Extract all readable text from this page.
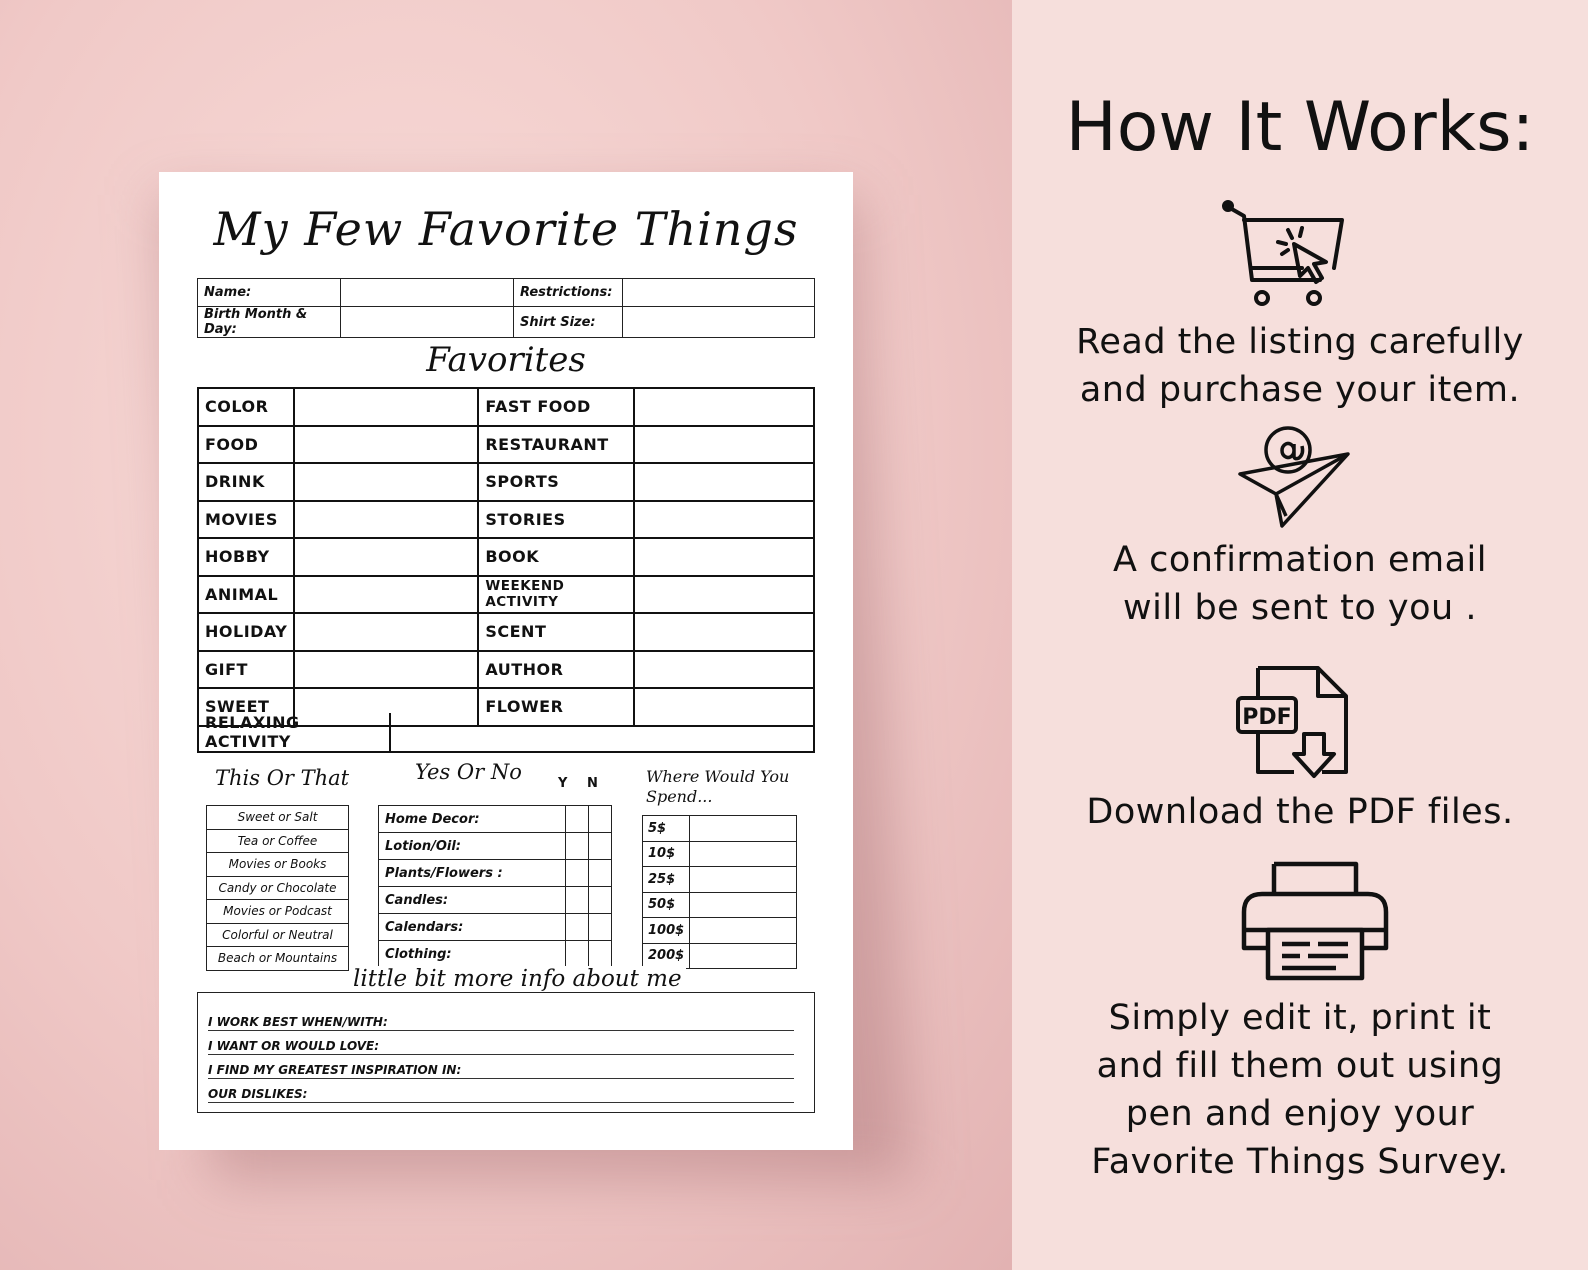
My Few Favorite Things
Name:		Restrictions:	
Birth Month & Day:		Shirt Size:	
Favorites
COLOR		FAST FOOD	
FOOD		RESTAURANT	
DRINK		SPORTS	
MOVIES		STORIES	
HOBBY		BOOK	
ANIMAL		WEEKEND ACTIVITY	
HOLIDAY		SCENT	
GIFT		AUTHOR	
SWEET		FLOWER	
RELAXING ACTIVITY	
This Or That
Sweet or Salt
Tea or Coffee
Movies or Books
Candy or Chocolate
Movies or Podcast
Colorful or Neutral
Beach or Mountains
Yes Or No	Y N
Home Decor:		
Lotion/Oil:		
Plants/Flowers :		
Candles:		
Calendars:		
Clothing:		
Where Would You
Spend...
5$	
10$	
25$	
50$	
100$	
200$	
I WORK BEST WHEN/WITH:
I WANT OR WOULD LOVE:
I FIND MY GREATEST INSPIRATION IN:
OUR DISLIKES:
little bit more info about me
How It Works:
Read the listing carefully
and purchase your item.
A confirmation email
will be sent to you .
PDF
Download the PDF files.
Simply edit it, print it
and fill them out using
pen and enjoy your
Favorite Things Survey.
